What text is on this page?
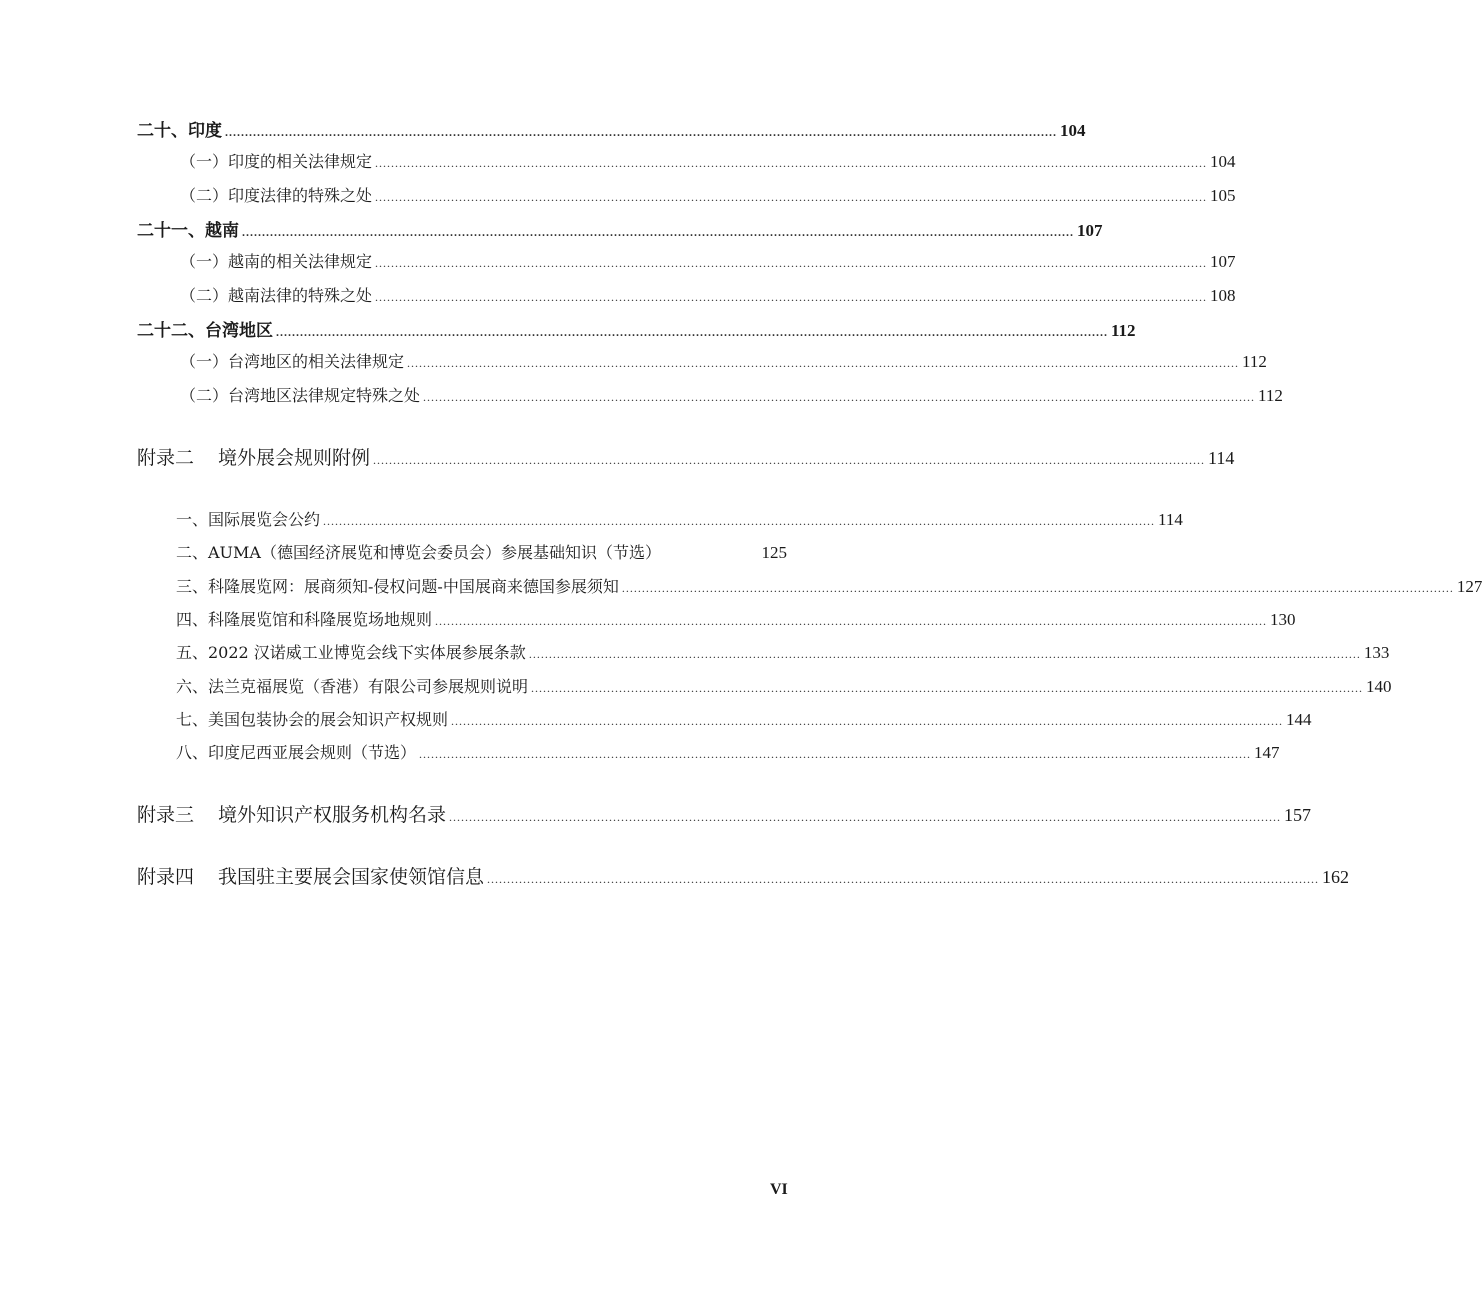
二十、印度 ................................................................................................................................................................................................................ 104
（一）印度的相关法律规定 ................................................................................................................................................................................................................ 104
（二）印度法律的特殊之处 ................................................................................................................................................................................................................ 105
二十一、越南 ................................................................................................................................................................................................................ 107
（一）越南的相关法律规定 ................................................................................................................................................................................................................ 107
（二）越南法律的特殊之处 ................................................................................................................................................................................................................ 108
二十二、台湾地区 ................................................................................................................................................................................................................ 112
（一）台湾地区的相关法律规定 ................................................................................................................................................................................................................ 112
（二）台湾地区法律规定特殊之处 ................................................................................................................................................................................................................ 112
附录二 境外展会规则附例 ................................................................................................................................................................................................................ 114
一、国际展览会公约 ................................................................................................................................................................................................................ 114
二、AUMA（德国经济展览和博览会委员会）参展基础知识（节选）	125
三、科隆展览网：展商须知-侵权问题-中国展商来德国参展须知 ................................................................................................................................................................................................................ 127
四、科隆展览馆和科隆展览场地规则 ................................................................................................................................................................................................................ 130
五、2022 汉诺威工业博览会线下实体展参展条款 ................................................................................................................................................................................................................ 133
六、法兰克福展览（香港）有限公司参展规则说明 ................................................................................................................................................................................................................ 140
七、美国包装协会的展会知识产权规则 ................................................................................................................................................................................................................ 144
八、印度尼西亚展会规则（节选） ................................................................................................................................................................................................................ 147
附录三 境外知识产权服务机构名录 ................................................................................................................................................................................................................ 157
附录四 我国驻主要展会国家使领馆信息 ................................................................................................................................................................................................................ 162
VI
